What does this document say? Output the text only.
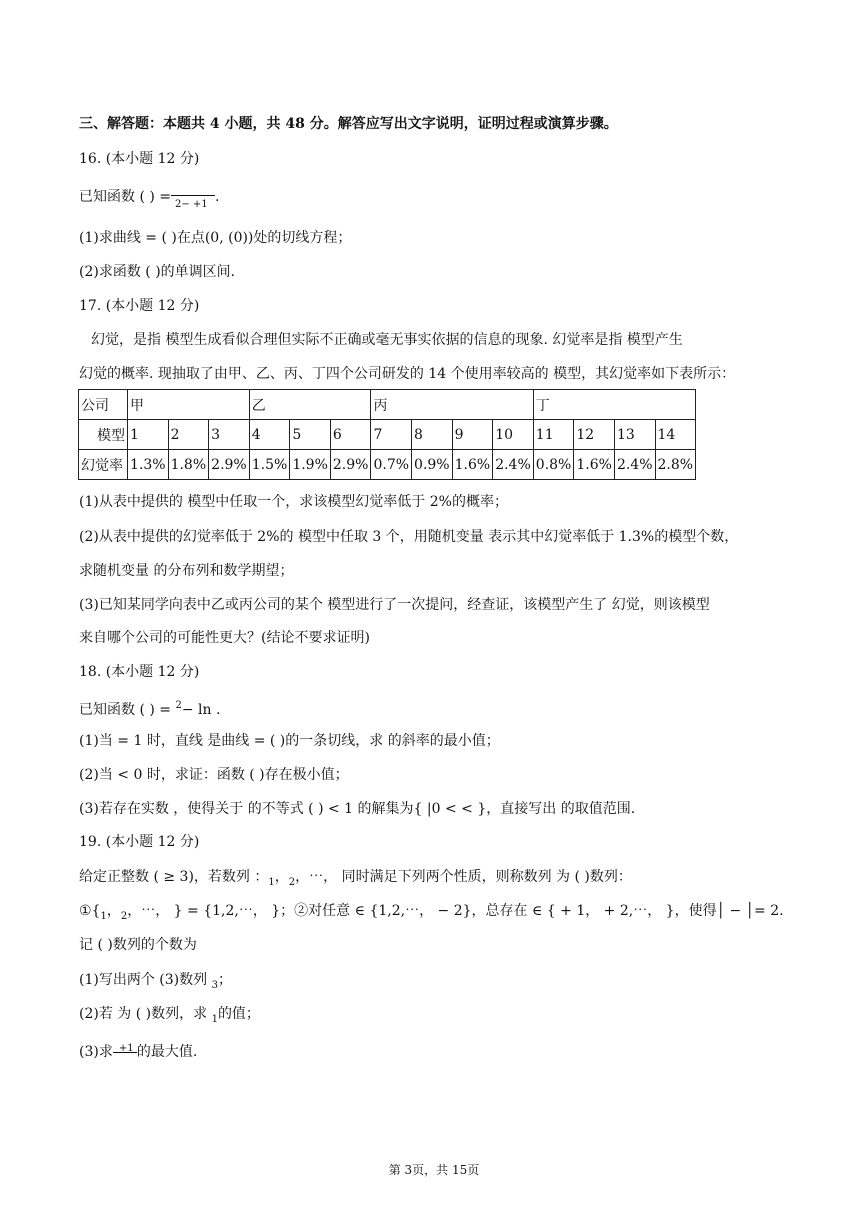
三、解答题：本题共 4 小题，共 48 分。解答应写出文字说明，证明过程或演算步骤。
16. (本小题 12 分)
已知函数 ( ) = 2− +1 .
(1)求曲线 = ( )在点(0, (0))处的切线方程；
(2)求函数 ( )的单调区间.
17. (本小题 12 分)
幻觉，是指 模型生成看似合理但实际不正确或毫无事实依据的信息的现象. 幻觉率是指 模型产生
幻觉的概率. 现抽取了由甲、乙、丙、丁四个公司研发的 14 个使用率较高的 模型，其幻觉率如下表所示：
公司	甲			乙			丙				丁			
模型	1	2	3	4	5	6	7	8	9	10	11	12	13	14
幻觉率	1.3%	1.8%	2.9%	1.5%	1.9%	2.9%	0.7%	0.9%	1.6%	2.4%	0.8%	1.6%	2.4%	2.8%
(1)从表中提供的 模型中任取一个，求该模型幻觉率低于 2%的概率；
(2)从表中提供的幻觉率低于 2%的 模型中任取 3 个，用随机变量 表示其中幻觉率低于 1.3%的模型个数，
求随机变量 的分布列和数学期望；
(3)已知某同学向表中乙或丙公司的某个 模型进行了一次提问，经查证，该模型产生了 幻觉，则该模型
来自哪个公司的可能性更大？(结论不要求证明)
18. (本小题 12 分)
已知函数 ( ) = $^2$− ln .
(1)当 = 1 时，直线 是曲线 = ( )的一条切线，求 的斜率的最小值；
(2)当 < 0 时，求证：函数 ( )存在极小值；
(3)若存在实数 ，使得关于 的不等式 ( ) < 1 的解集为{ |0 < < }，直接写出 的取值范围.
19. (本小题 12 分)
给定正整数 ( ≥ 3)，若数列 ：$_1$，$_2$，⋯， 同时满足下列两个性质，则称数列 为 ( )数列：
$①\{_1$，$_2$，⋯， } = {1,2,⋯， }；②对任意 ∈ {1,2,⋯， − 2}，总存在 ∈ { + 1， + 2,⋯， }，使得│ − │= 2.
记 ( )数列的个数为
(1)写出两个 (3)数列 $_3$；
(2)若 为 ( )数列，求 $_1$的值；
(3)求 +1 的最大值.
第 3页，共 15页
